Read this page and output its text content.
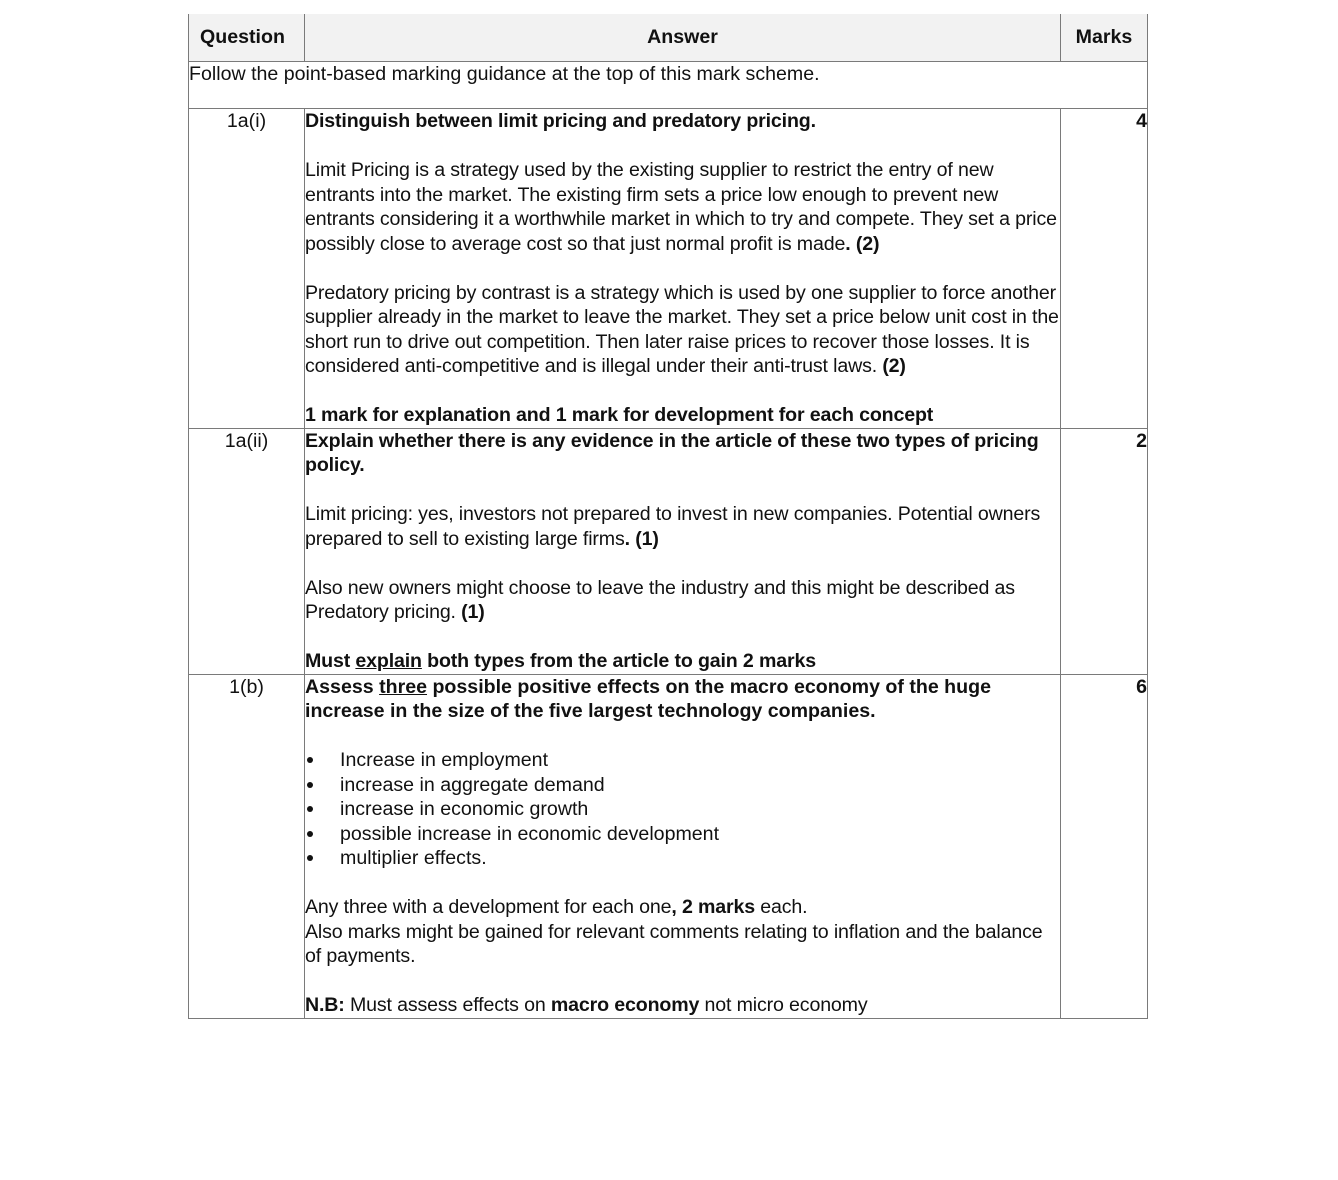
Question	Answer	Marks
Follow the point-based marking guidance at the top of this mark scheme.		
1a(i)	Distinguish between limit pricing and predatory pricing.

Limit Pricing is a strategy used by the existing supplier to restrict the entry of new entrants into the market. The existing firm sets a price low enough to prevent new entrants considering it a worthwhile market in which to try and compete. They set a price possibly close to average cost so that just normal profit is made. (2)

Predatory pricing by contrast is a strategy which is used by one supplier to force another supplier already in the market to leave the market. They set a price below unit cost in the short run to drive out competition. Then later raise prices to recover those losses. It is considered anti-competitive and is illegal under their anti-trust laws. (2)

1 mark for explanation and 1 mark for development for each concept	4
1a(ii)	Explain whether there is any evidence in the article of these two types of pricing policy.

Limit pricing: yes, investors not prepared to invest in new companies. Potential owners prepared to sell to existing large firms. (1)

Also new owners might choose to leave the industry and this might be described as Predatory pricing. (1)

Must explain both types from the article to gain 2 marks	2
1(b)	Assess three possible positive effects on the macro economy of the huge increase in the size of the five largest technology companies.

Increase in employment
increase in aggregate demand
increase in economic growth
possible increase in economic development
multiplier effects.

Any three with a development for each one, 2 marks each.

Also marks might be gained for relevant comments relating to inflation and the balance of payments.

N.B: Must assess effects on macro economy not micro economy

	6
